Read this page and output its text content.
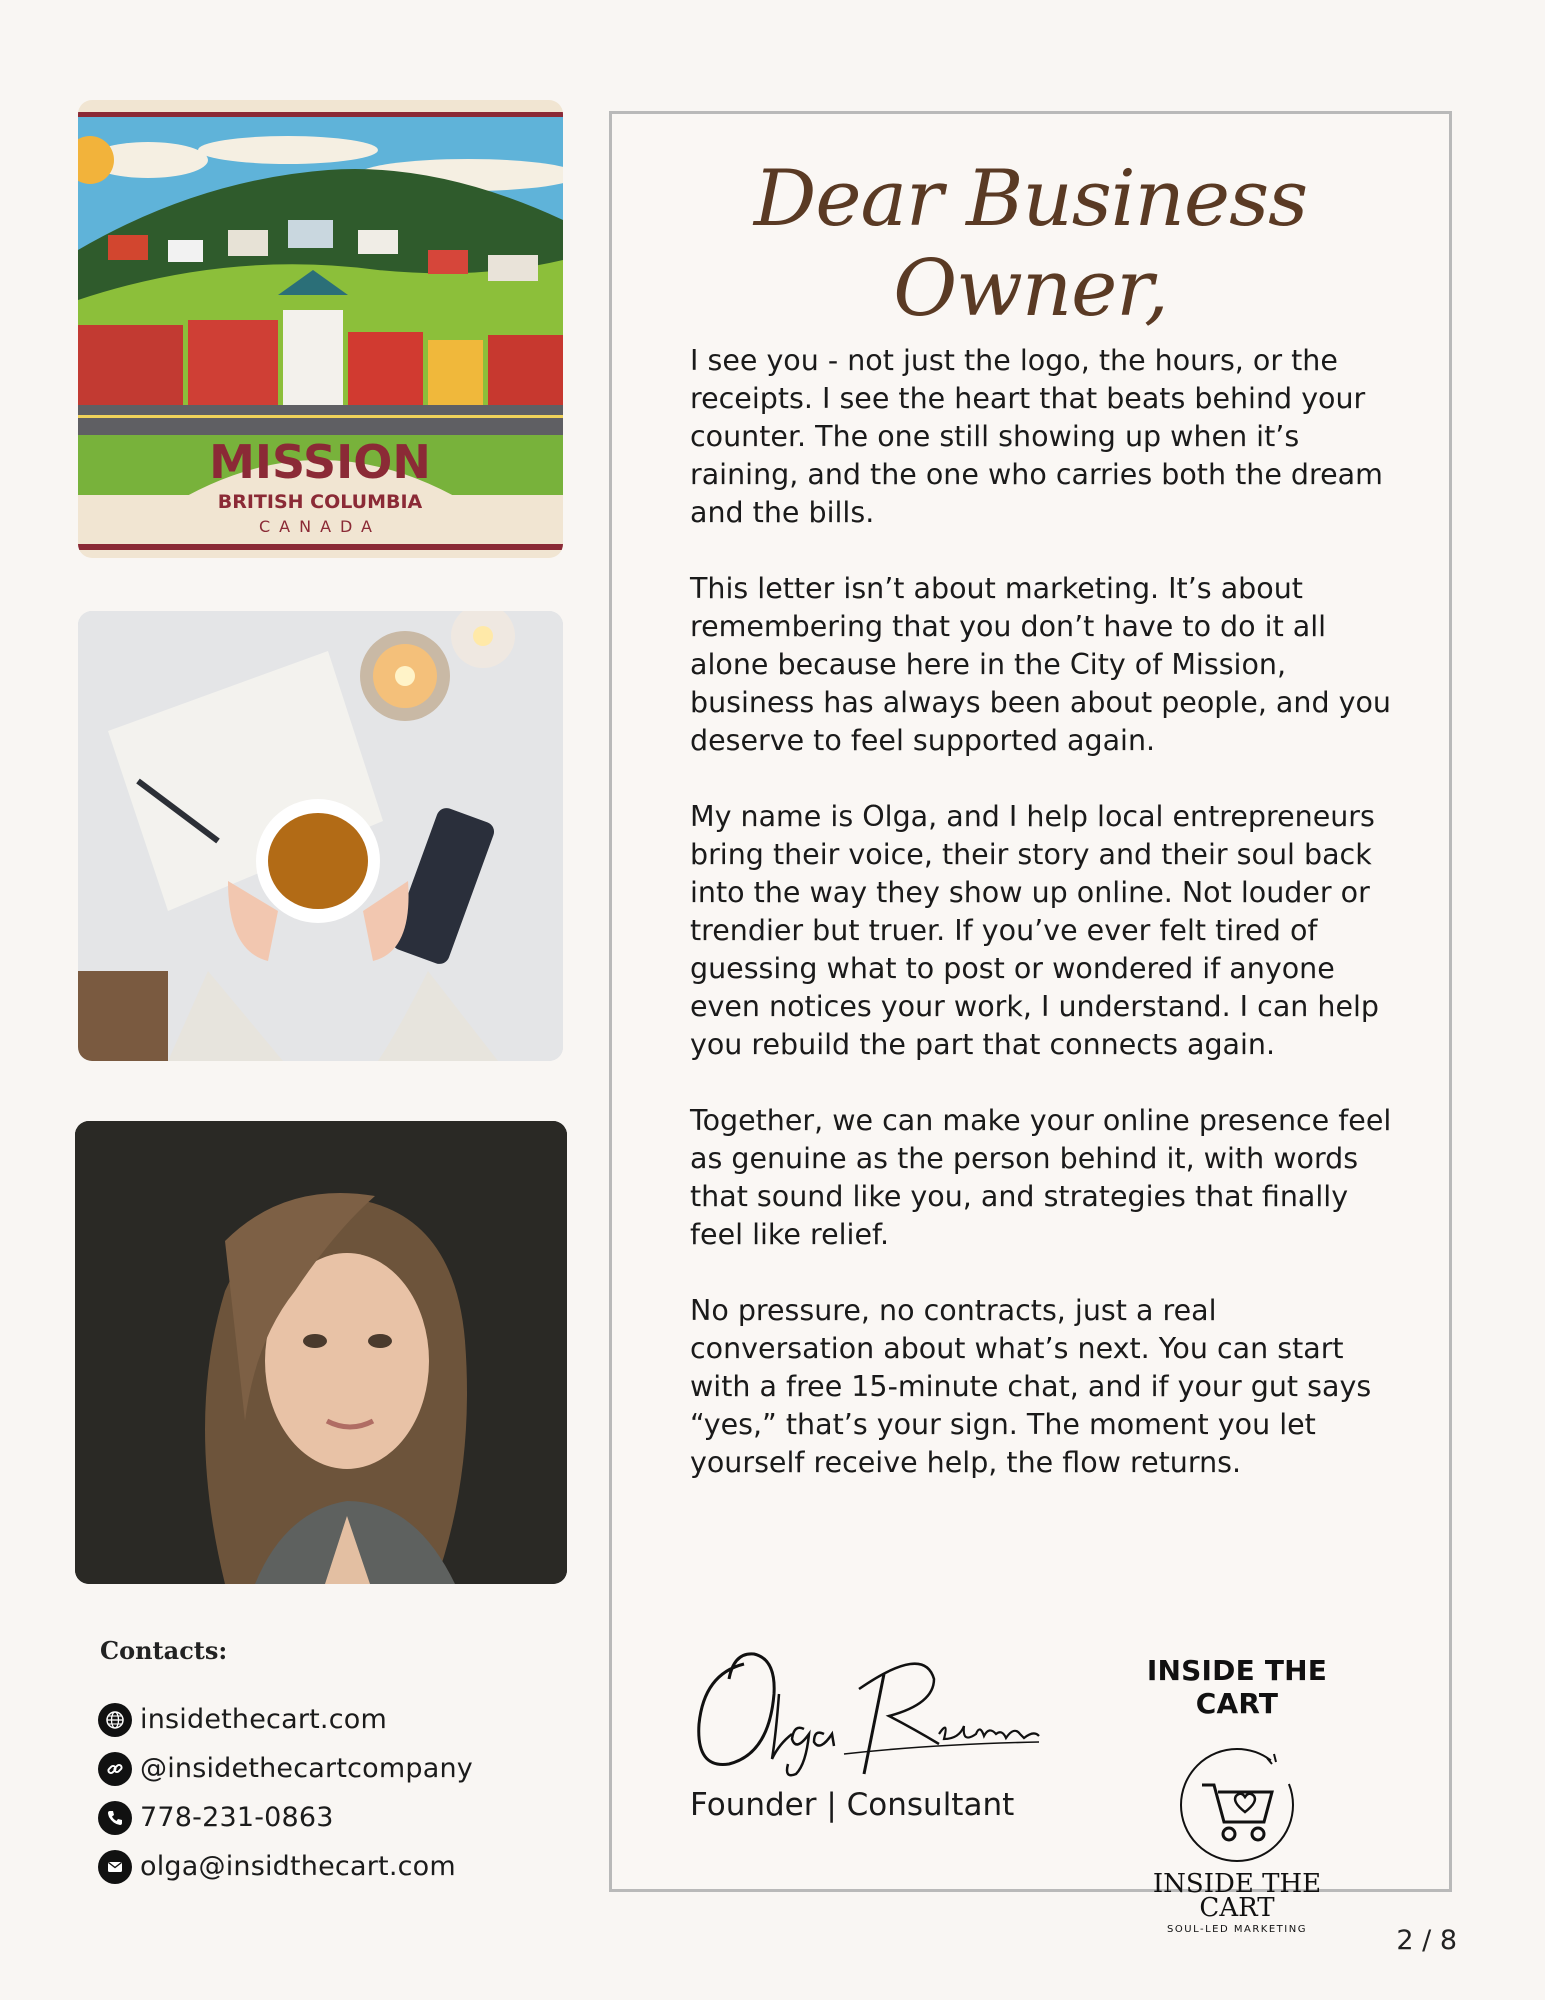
MISSION
BRITISH COLUMBIA
CANADA
Contacts:
insidethecart.com
@insidethecartcompany
778-231-0863
olga@insidthecart.com
Dear Business Owner,

I see you - not just the logo, the hours, or the receipts. I see the heart that beats behind your counter. The one still showing up when it’s raining, and the one who carries both the dream and the bills.

This letter isn’t about marketing. It’s about remembering that you don’t have to do it all alone because here in the City of Mission, business has always been about people, and you deserve to feel supported again.

My name is Olga, and I help local entrepreneurs bring their voice, their story and their soul back into the way they show up online. Not louder or trendier but truer. If you’ve ever felt tired of guessing what to post or wondered if anyone even notices your work, I understand. I can help you rebuild the part that connects again.

Together, we can make your online presence feel as genuine as the person behind it, with words that sound like you, and strategies that finally feel like relief.

No pressure, no contracts, just a real conversation about what’s next. You can start with a free 15-minute chat, and if your gut says “yes,” that’s your sign. The moment you let yourself receive help, the flow returns.

Founder | Consultant
INSIDE THE CART
INSIDE THE
CART
SOUL-LED MARKETING	2 / 8
